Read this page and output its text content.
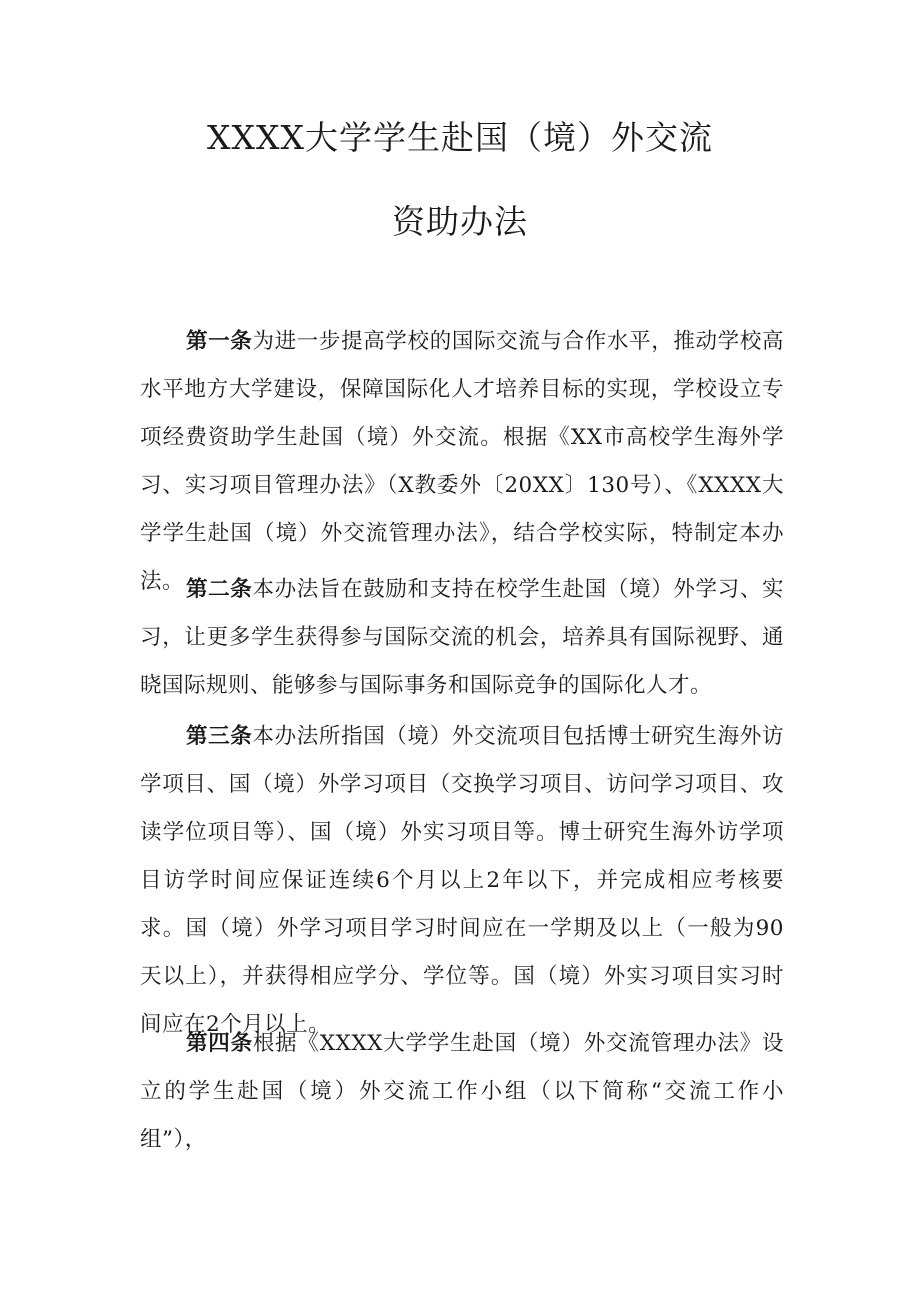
XXXX大学学生赴国（境）外交流
资助办法

第一条为进一步提高学校的国际交流与合作水平，推动学校高水平地方大学建设，保障国际化人才培养目标的实现，学校设立专项经费资助学生赴国（境）外交流。根据《XX市高校学生海外学习、实习项目管理办法》（X教委外〔20XX〕130号）、《XXXX大学学生赴国（境）外交流管理办法》，结合学校实际，特制定本办法。 第二条本办法旨在鼓励和支持在校学生赴国（境）外学习、实习，让更多学生获得参与国际交流的机会，培养具有国际视野、通晓国际规则、能够参与国际事务和国际竞争的国际化人才。

第三条本办法所指国（境）外交流项目包括博士研究生海外访学项目、国（境）外学习项目（交换学习项目、访问学习项目、攻读学位项目等）、国（境）外实习项目等。博士研究生海外访学项目访学时间应保证连续6个月以上2年以下，并完成相应考核要求。国（境）外学习项目学习时间应在一学期及以上（一般为90天以上），并获得相应学分、学位等。国（境）外实习项目实习时间应在2个月以上。

第四条根据《XXXX大学学生赴国（境）外交流管理办法》设立的学生赴国（境）外交流工作小组（以下简称“交流工作小组”），
